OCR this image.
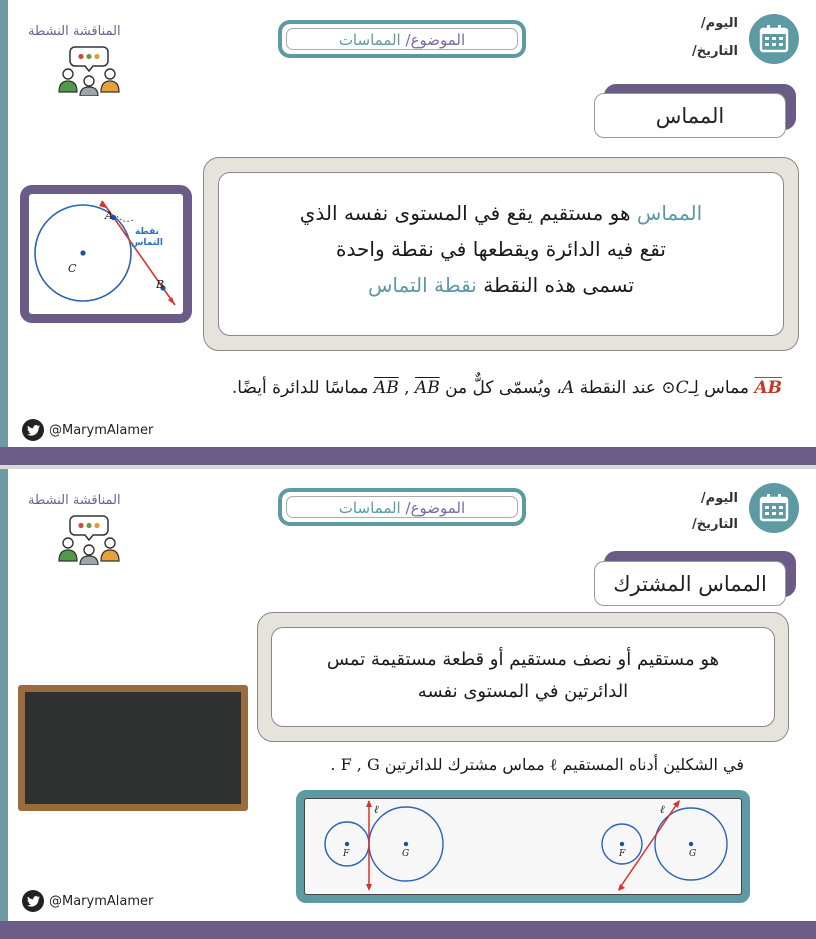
اليوم/
التاريخ/
الموضوع/ المماسات
المناقشة النشطة
المماس
A
B
C
نقطة
التماس
المماس هو مستقيم يقع في المستوى نفسه الذي
تقع فيه الدائرة ويقطعها في نقطة واحدة
تسمى هذه النقطة نقطة التماس
AB مماس لِـC⊙ عند النقطة A، ويُسمّى كلٌّ من AB , AB مماسًا للدائرة أيضًا.
@MarymAlamer
اليوم/
التاريخ/
الموضوع/ المماسات
المناقشة النشطة
المماس المشترك
هو مستقيم أو نصف مستقيم أو قطعة مستقيمة تمس
الدائرتين في المستوى نفسه
في الشكلين أدناه المستقيم ℓ مماس مشترك للدائرتين F , G .
F	G
ℓ
F	G
ℓ
@MarymAlamer
